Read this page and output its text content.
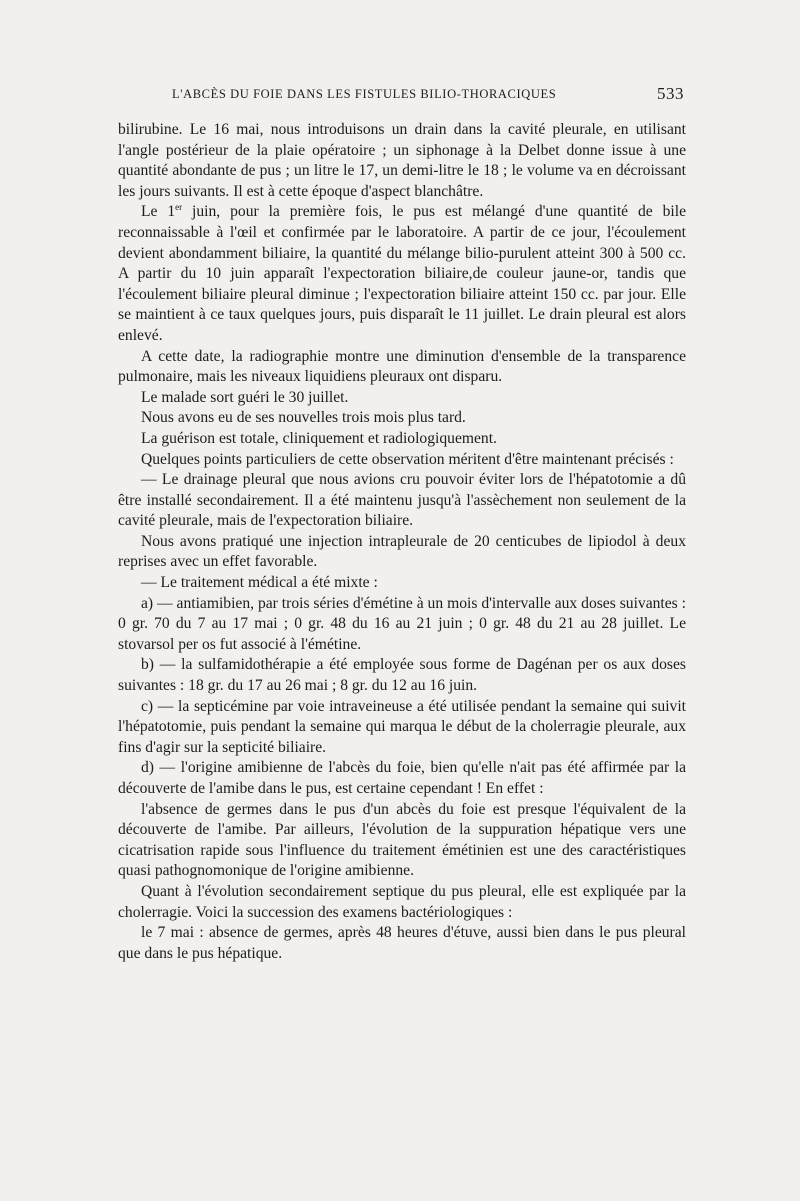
L'ABCÈS DU FOIE DANS LES FISTULES BILIO-THORACIQUES	533

bilirubine. Le 16 mai, nous introduisons un drain dans la cavité pleurale, en utilisant l'angle postérieur de la plaie opératoire ; un siphonage à la Delbet donne issue à une quantité abondante de pus ; un litre le 17, un demi-litre le 18 ; le volume va en décroissant les jours suivants. Il est à cette époque d'aspect blanchâtre.

Le 1er juin, pour la première fois, le pus est mélangé d'une quantité de bile reconnaissable à l'œil et confirmée par le laboratoire. A partir de ce jour, l'écoulement devient abondamment biliaire, la quantité du mélange bilio-purulent atteint 300 à 500 cc. A partir du 10 juin apparaît l'expectoration biliaire,de couleur jaune-or, tandis que l'écoulement biliaire pleural diminue ; l'expectoration biliaire atteint 150 cc. par jour. Elle se maintient à ce taux quelques jours, puis disparaît le 11 juillet. Le drain pleural est alors enlevé.

A cette date, la radiographie montre une diminution d'ensemble de la transparence pulmonaire, mais les niveaux liquidiens pleuraux ont disparu.

Le malade sort guéri le 30 juillet.

Nous avons eu de ses nouvelles trois mois plus tard.

La guérison est totale, cliniquement et radiologiquement.

Quelques points particuliers de cette observation méritent d'être maintenant précisés :

— Le drainage pleural que nous avions cru pouvoir éviter lors de l'hépatotomie a dû être installé secondairement. Il a été maintenu jusqu'à l'assèchement non seulement de la cavité pleurale, mais de l'expectoration biliaire.

Nous avons pratiqué une injection intrapleurale de 20 centicubes de lipiodol à deux reprises avec un effet favorable.

— Le traitement médical a été mixte :

a) — antiamibien, par trois séries d'émétine à un mois d'intervalle aux doses suivantes : 0 gr. 70 du 7 au 17 mai ; 0 gr. 48 du 16 au 21 juin ; 0 gr. 48 du 21 au 28 juillet. Le stovarsol per os fut associé à l'émétine.

b) — la sulfamidothérapie a été employée sous forme de Dagénan per os aux doses suivantes : 18 gr. du 17 au 26 mai ; 8 gr. du 12 au 16 juin.

c) — la septicémine par voie intraveineuse a été utilisée pendant la semaine qui suivit l'hépatotomie, puis pendant la semaine qui marqua le début de la cholerragie pleurale, aux fins d'agir sur la septicité biliaire.

d) — l'origine amibienne de l'abcès du foie, bien qu'elle n'ait pas été affirmée par la découverte de l'amibe dans le pus, est certaine cependant ! En effet :

l'absence de germes dans le pus d'un abcès du foie est presque l'équivalent de la découverte de l'amibe. Par ailleurs, l'évolution de la suppuration hépatique vers une cicatrisation rapide sous l'influence du traitement émétinien est une des caractéristiques quasi pathognomonique de l'origine amibienne.

Quant à l'évolution secondairement septique du pus pleural, elle est expliquée par la cholerragie. Voici la succession des examens bactériologiques :

le 7 mai : absence de germes, après 48 heures d'étuve, aussi bien dans le pus pleural que dans le pus hépatique.
